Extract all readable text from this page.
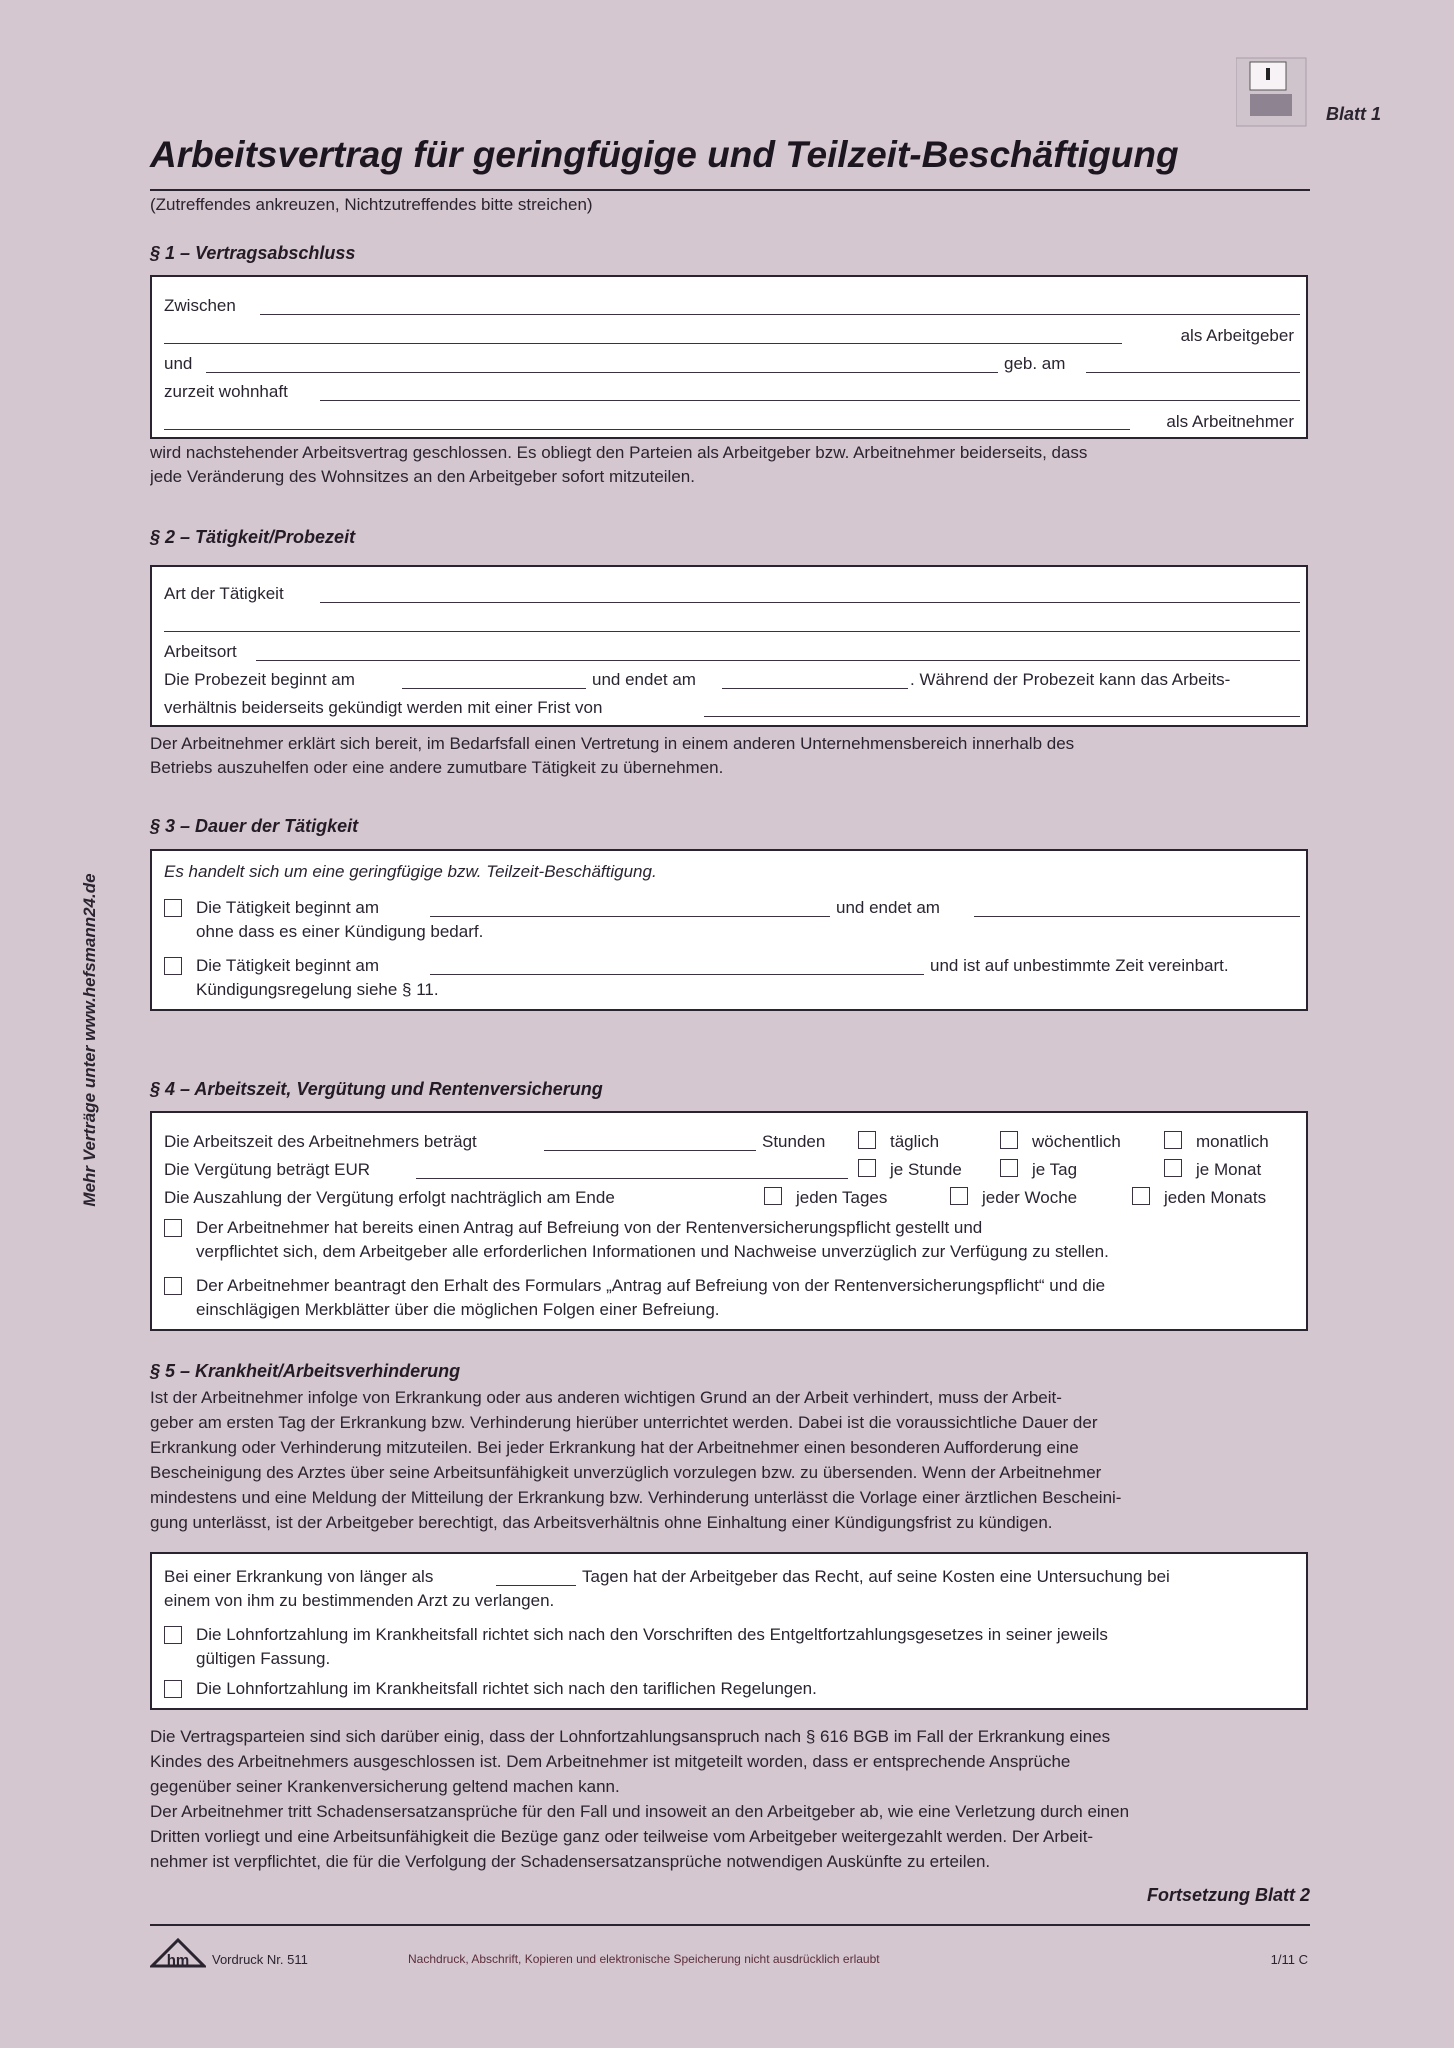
Blatt 1
Arbeitsvertrag für geringfügige und Teilzeit-Beschäftigung
(Zutreffendes ankreuzen, Nichtzutreffendes bitte streichen)
Mehr Verträge unter www.hefsmann24.de
§ 1 – Vertragsabschluss
Zwischen
als Arbeitgeber
und	geb. am
zurzeit wohnhaft
als Arbeitnehmer
wird nachstehender Arbeitsvertrag geschlossen. Es obliegt den Parteien als Arbeitgeber bzw. Arbeitnehmer beiderseits, dass
jede Veränderung des Wohnsitzes an den Arbeitgeber sofort mitzuteilen.
§ 2 – Tätigkeit/Probezeit
Art der Tätigkeit
Arbeitsort
Die Probezeit beginnt am	und endet am	. Während der Probezeit kann das Arbeits-
verhältnis beiderseits gekündigt werden mit einer Frist von
Der Arbeitnehmer erklärt sich bereit, im Bedarfsfall einen Vertretung in einem anderen Unternehmensbereich innerhalb des
Betriebs auszuhelfen oder eine andere zumutbare Tätigkeit zu übernehmen.
§ 3 – Dauer der Tätigkeit
Es handelt sich um eine geringfügige bzw. Teilzeit-Beschäftigung.
Die Tätigkeit beginnt am	und endet am
ohne dass es einer Kündigung bedarf.
Die Tätigkeit beginnt am	und ist auf unbestimmte Zeit vereinbart.
Kündigungsregelung siehe § 11.
§ 4 – Arbeitszeit, Vergütung und Rentenversicherung
Die Arbeitszeit des Arbeitnehmers beträgt	Stunden	täglich	wöchentlich	monatlich
Die Vergütung beträgt EUR	je Stunde	je Tag	je Monat
Die Auszahlung der Vergütung erfolgt nachträglich am Ende	jeden Tages	jeder Woche	jeden Monats
Der Arbeitnehmer hat bereits einen Antrag auf Befreiung von der Rentenversicherungspflicht gestellt und
verpflichtet sich, dem Arbeitgeber alle erforderlichen Informationen und Nachweise unverzüglich zur Verfügung zu stellen.
Der Arbeitnehmer beantragt den Erhalt des Formulars „Antrag auf Befreiung von der Rentenversicherungspflicht“ und die
einschlägigen Merkblätter über die möglichen Folgen einer Befreiung.
§ 5 – Krankheit/Arbeitsverhinderung
Ist der Arbeitnehmer infolge von Erkrankung oder aus anderen wichtigen Grund an der Arbeit verhindert, muss der Arbeit-
geber am ersten Tag der Erkrankung bzw. Verhinderung hierüber unterrichtet werden. Dabei ist die voraussichtliche Dauer der
Erkrankung oder Verhinderung mitzuteilen. Bei jeder Erkrankung hat der Arbeitnehmer einen besonderen Aufforderung eine
Bescheinigung des Arztes über seine Arbeitsunfähigkeit unverzüglich vorzulegen bzw. zu übersenden. Wenn der Arbeitnehmer
mindestens und eine Meldung der Mitteilung der Erkrankung bzw. Verhinderung unterlässt die Vorlage einer ärztlichen Bescheini-
gung unterlässt, ist der Arbeitgeber berechtigt, das Arbeitsverhältnis ohne Einhaltung einer Kündigungsfrist zu kündigen.
Bei einer Erkrankung von länger als	Tagen hat der Arbeitgeber das Recht, auf seine Kosten eine Untersuchung bei
einem von ihm zu bestimmenden Arzt zu verlangen.
Die Lohnfortzahlung im Krankheitsfall richtet sich nach den Vorschriften des Entgeltfortzahlungsgesetzes in seiner jeweils
gültigen Fassung.
Die Lohnfortzahlung im Krankheitsfall richtet sich nach den tariflichen Regelungen.
Die Vertragsparteien sind sich darüber einig, dass der Lohnfortzahlungsanspruch nach § 616 BGB im Fall der Erkrankung eines
Kindes des Arbeitnehmers ausgeschlossen ist. Dem Arbeitnehmer ist mitgeteilt worden, dass er entsprechende Ansprüche
gegenüber seiner Krankenversicherung geltend machen kann.
Der Arbeitnehmer tritt Schadensersatzansprüche für den Fall und insoweit an den Arbeitgeber ab, wie eine Verletzung durch einen
Dritten vorliegt und eine Arbeitsunfähigkeit die Bezüge ganz oder teilweise vom Arbeitgeber weitergezahlt werden. Der Arbeit-
nehmer ist verpflichtet, die für die Verfolgung der Schadensersatzansprüche notwendigen Auskünfte zu erteilen.
Fortsetzung Blatt 2
hm Vordruck Nr. 511	Nachdruck, Abschrift, Kopieren und elektronische Speicherung nicht ausdrücklich erlaubt	1/11 C
